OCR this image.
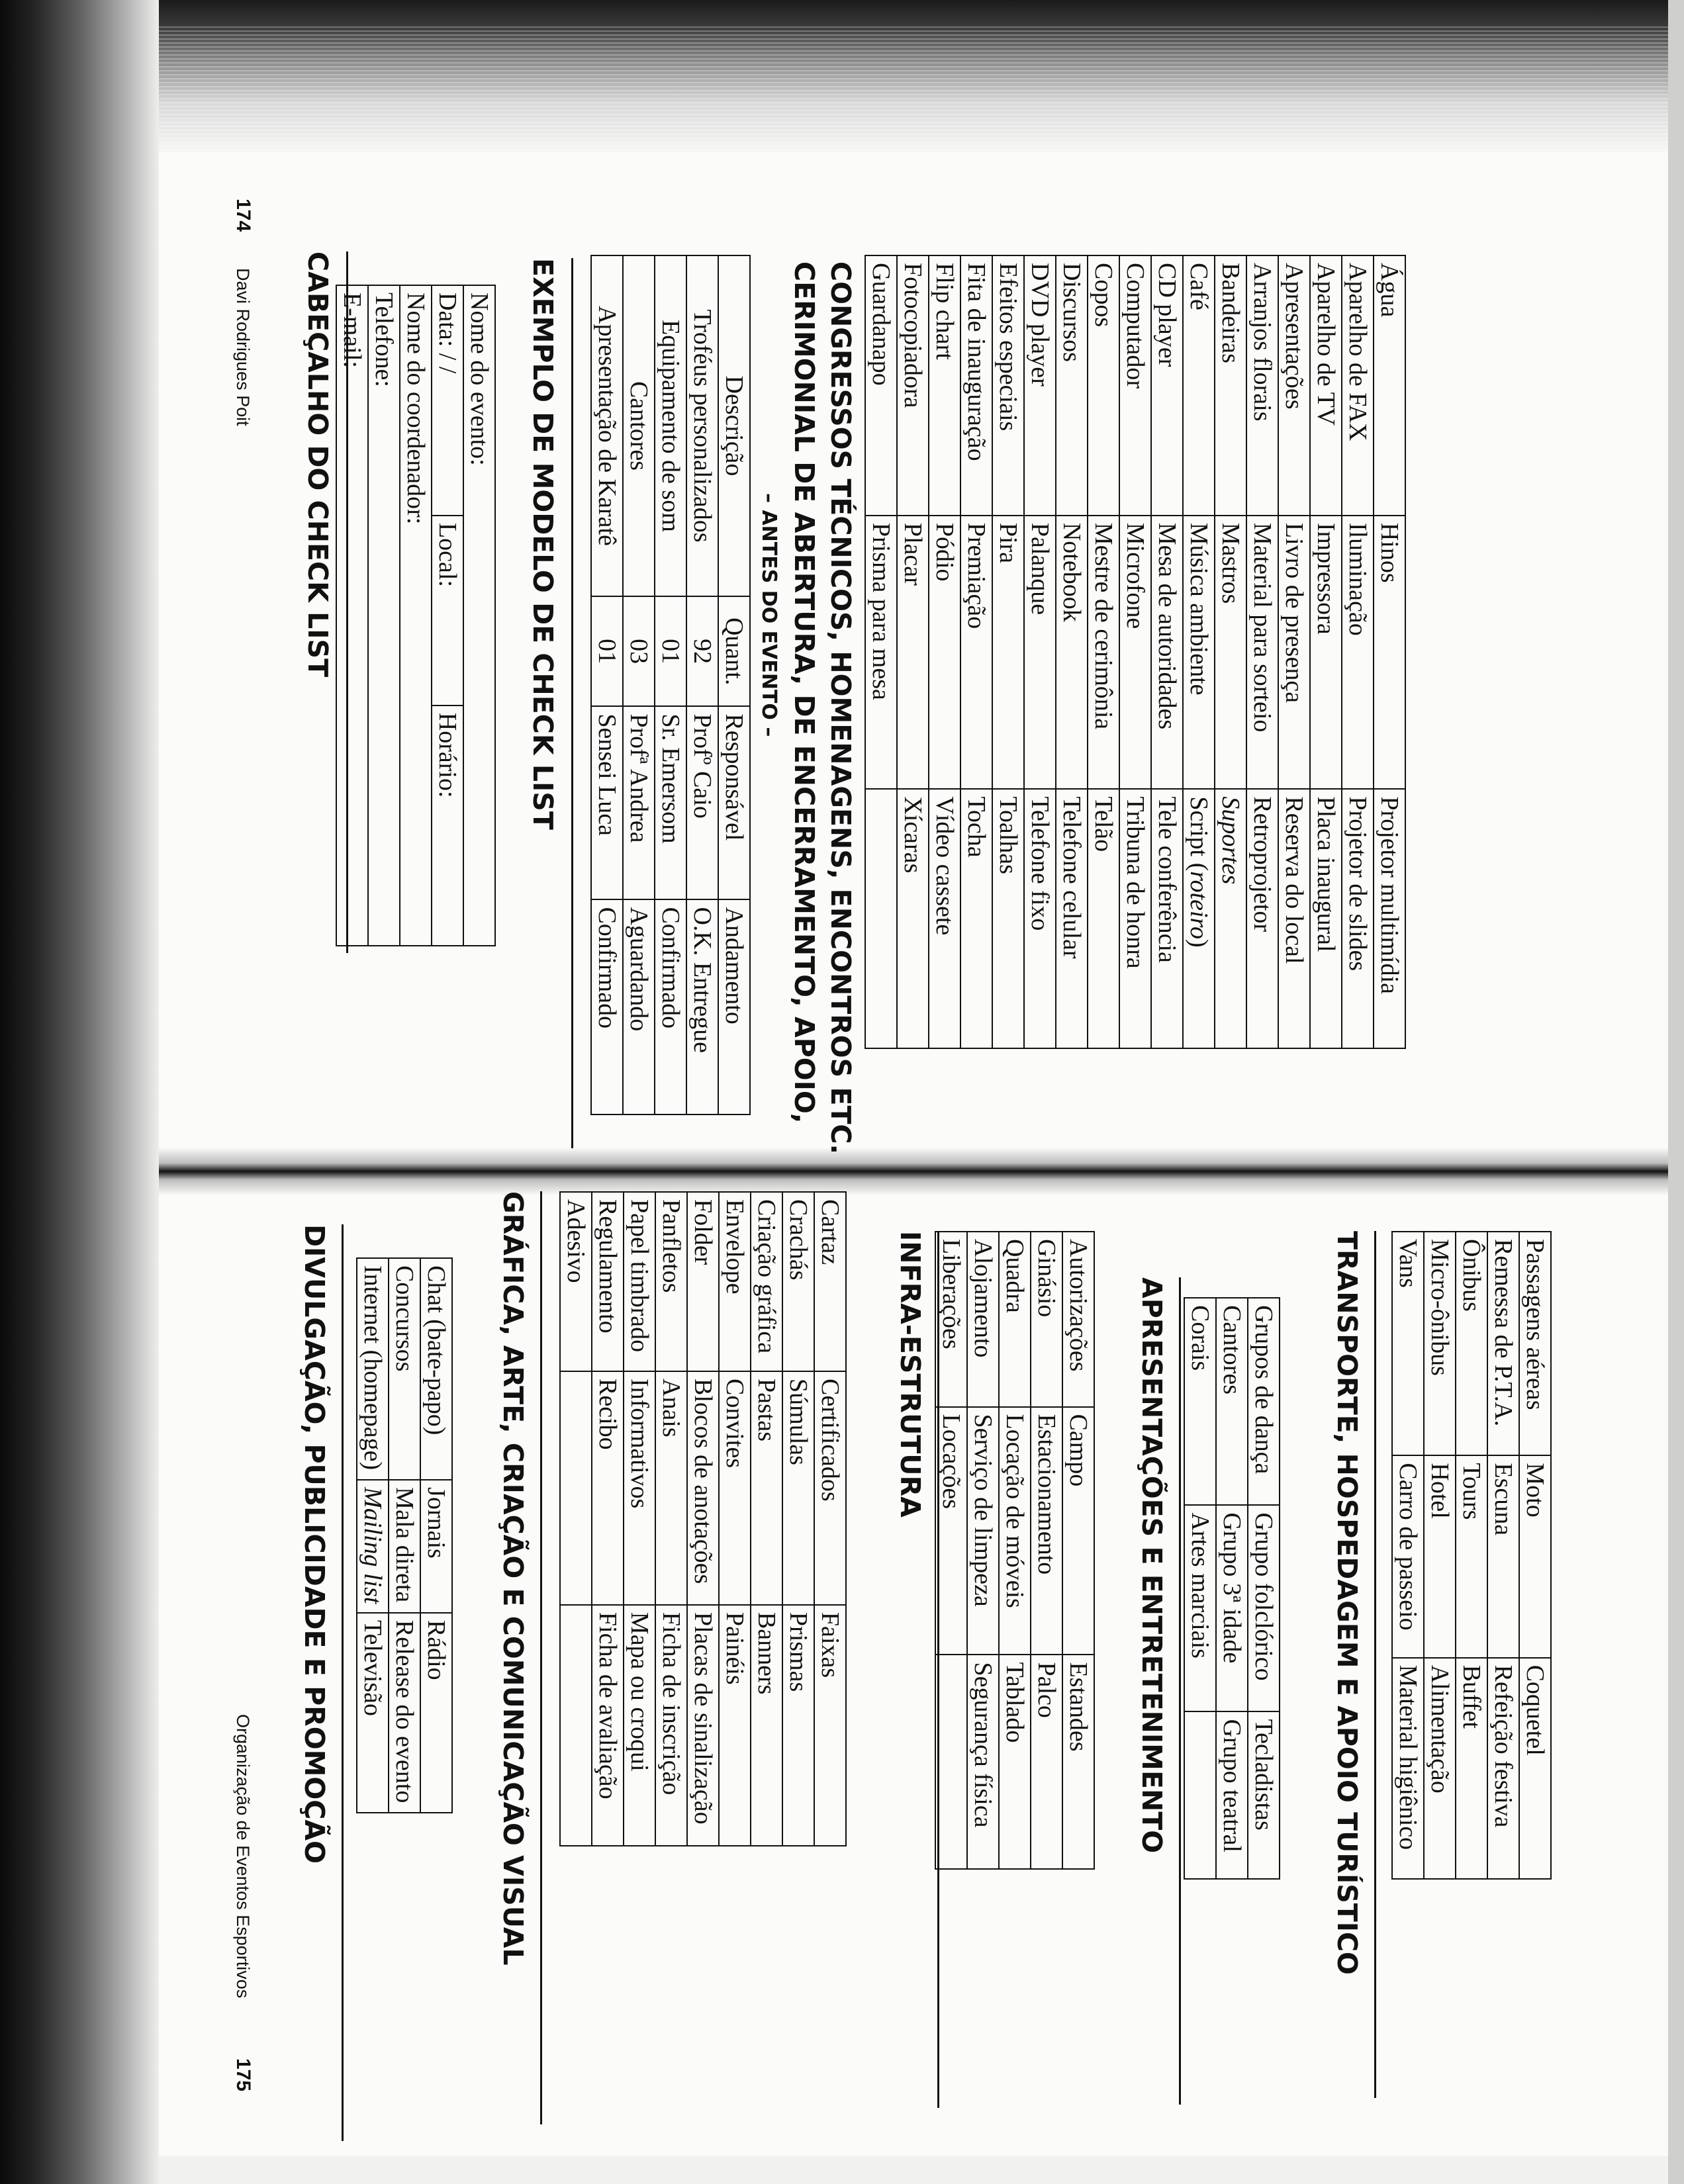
174
Davi Rodrigues Poit CABEÇALHO DO CHECK LIST	Nome do evento:
Data: / /	Local:	Horário:
Nome do coordenador:
Telefone:
E-mail:	EXEMPLO DE MODELO DE CHECK LIST	Descrição	Quant.	Responsável	Andamento
Troféus personalizados	92	Profº Caio	O.K. Entregue
Equipamento de som	01	Sr. Emersom	Confirmado
Cantores	03	Profª Andrea	Aguardando
Apresentação de Karatê	01	Sensei Luca	Confirmado
– ANTES DO EVENTO – CERIMONIAL DE ABERTURA, DE ENCERRAMENTO, APOIO, CONGRESSOS TÉCNICOS, HOMENAGENS, ENCONTROS ETC.	Água	Hinos	Projetor multimídia
Aparelho de FAX	Iluminação	Projetor de slides
Aparelho de TV	Impressora	Placa inaugural
Apresentações	Livro de presença	Reserva do local
Arranjos florais	Material para sorteio	Retroprojetor
Bandeiras	Mastros	Suportes
Café	Música ambiente	Script (roteiro)
CD player	Mesa de autoridades	Tele conferência
Computador	Microfone	Tribuna de honra
Copos	Mestre de cerimônia	Telão
Discursos	Notebook	Telefone celular
DVD player	Palanque	Telefone fixo
Efeitos especiais	Pira	Toalhas
Fita de inauguração	Premiação	Tocha
Flip chart	Pódio	Vídeo cassete
Fotocopiadora	Placar	Xícaras
Guardanapo	Prisma para mesa	
175
Organização de Eventos Esportivos DIVULGAÇÃO, PUBLICIDADE E PROMOÇÃO	Chat (bate-papo)	Jornais	Rádio
Concursos	Mala direta	Release do evento
Internet (homepage)	Mailing list	Televisão	GRÁFICA, ARTE, CRIAÇÃO E COMUNICAÇÃO VISUAL	Cartaz	Certificados	Faixas
Crachás	Súmulas	Prismas
Criação gráfica	Pastas	Banners
Envelope	Convites	Painéis
Folder	Blocos de anotações	Placas de sinalização
Panfletos	Anais	Ficha de inscrição
Papel timbrado	Informativos	Mapa ou croqui
Regulamento	Recibo	Ficha de avaliação
Adesivo			INFRA-ESTRUTURA	Autorizações	Campo	Estandes
Ginásio	Estacionamento	Palco
Quadra	Locação de móveis	Tablado
Alojamento	Serviço de limpeza	Segurança física
Liberações	Locações		APRESENTAÇÕES E ENTRETENIMENTO	Grupos de dança	Grupo folclórico	Tecladistas
Cantores	Grupo 3ª idade	Grupo teatral
Corais	Artes marciais		TRANSPORTE, HOSPEDAGEM E APOIO TURÍSTICO	Passagens aéreas	Moto	Coquetel
Remessa de P.T.A.	Escuna	Refeição festiva
Ônibus	Tours	Buffet
Micro-ônibus	Hotel	Alimentação
Vans	Carro de passeio	Material higiênico
